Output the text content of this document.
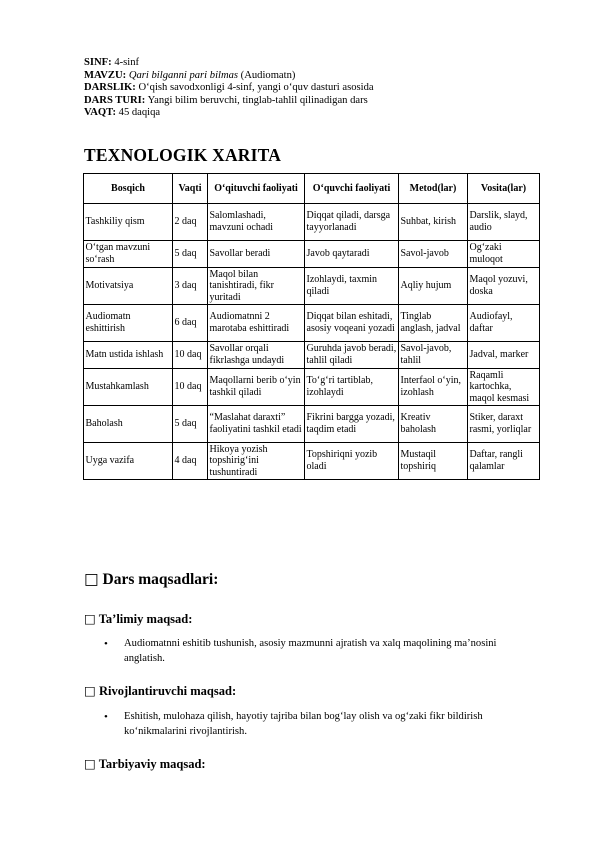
SINF: 4-sinf
MAVZU: Qari bilganni pari bilmas (Audiomatn)
DARSLIK: O‘qish savodxonligi 4-sinf, yangi o‘quv dasturi asosida
DARS TURI: Yangi bilim beruvchi, tinglab-tahlil qilinadigan dars
VAQT: 45 daqiqa
TEXNOLOGIK XARITA
Bosqich	Vaqti	O‘qituvchi faoliyati	O‘quvchi faoliyati	Metod(lar)	Vosita(lar)
Tashkiliy qism	2 daq	Salomlashadi, mavzuni ochadi	Diqqat qiladi, darsga tayyorlanadi	Suhbat, kirish	Darslik, slayd, audio
O‘tgan mavzuni so‘rash	5 daq	Savollar beradi	Javob qaytaradi	Savol-javob	Og‘zaki muloqot
Motivatsiya	3 daq	Maqol bilan tanishtiradi, fikr yuritadi	Izohlaydi, taxmin qiladi	Aqliy hujum	Maqol yozuvi, doska
Audiomatn eshittirish	6 daq	Audiomatnni 2 marotaba eshittiradi	Diqqat bilan eshitadi, asosiy voqeani yozadi	Tinglab anglash, jadval	Audiofayl, daftar
Matn ustida ishlash	10 daq	Savollar orqali fikrlashga undaydi	Guruhda javob beradi, tahlil qiladi	Savol-javob, tahlil	Jadval, marker
Mustahkamlash	10 daq	Maqollarni berib o‘yin tashkil qiladi	To‘g‘ri tartiblab, izohlaydi	Interfaol o‘yin, izohlash	Raqamli kartochka, maqol kesmasi
Baholash	5 daq	“Maslahat daraxti” faoliyatini tashkil etadi	Fikrini bargga yozadi, taqdim etadi	Kreativ baholash	Stiker, daraxt rasmi, yorliqlar
Uyga vazifa	4 daq	Hikoya yozish topshirig‘ini tushuntiradi	Topshiriqni yozib oladi	Mustaqil topshiriq	Daftar, rangli qalamlar
□ Dars maqsadlari:
□ Ta’limiy maqsad:
•	Audiomatnni eshitib tushunish, asosiy mazmunni ajratish va xalq maqolining ma’nosini anglatish.
□ Rivojlantiruvchi maqsad:
•	Eshitish, mulohaza qilish, hayotiy tajriba bilan bog‘lay olish va og‘zaki fikr bildirish ko‘nikmalarini rivojlantirish.
□ Tarbiyaviy maqsad:
